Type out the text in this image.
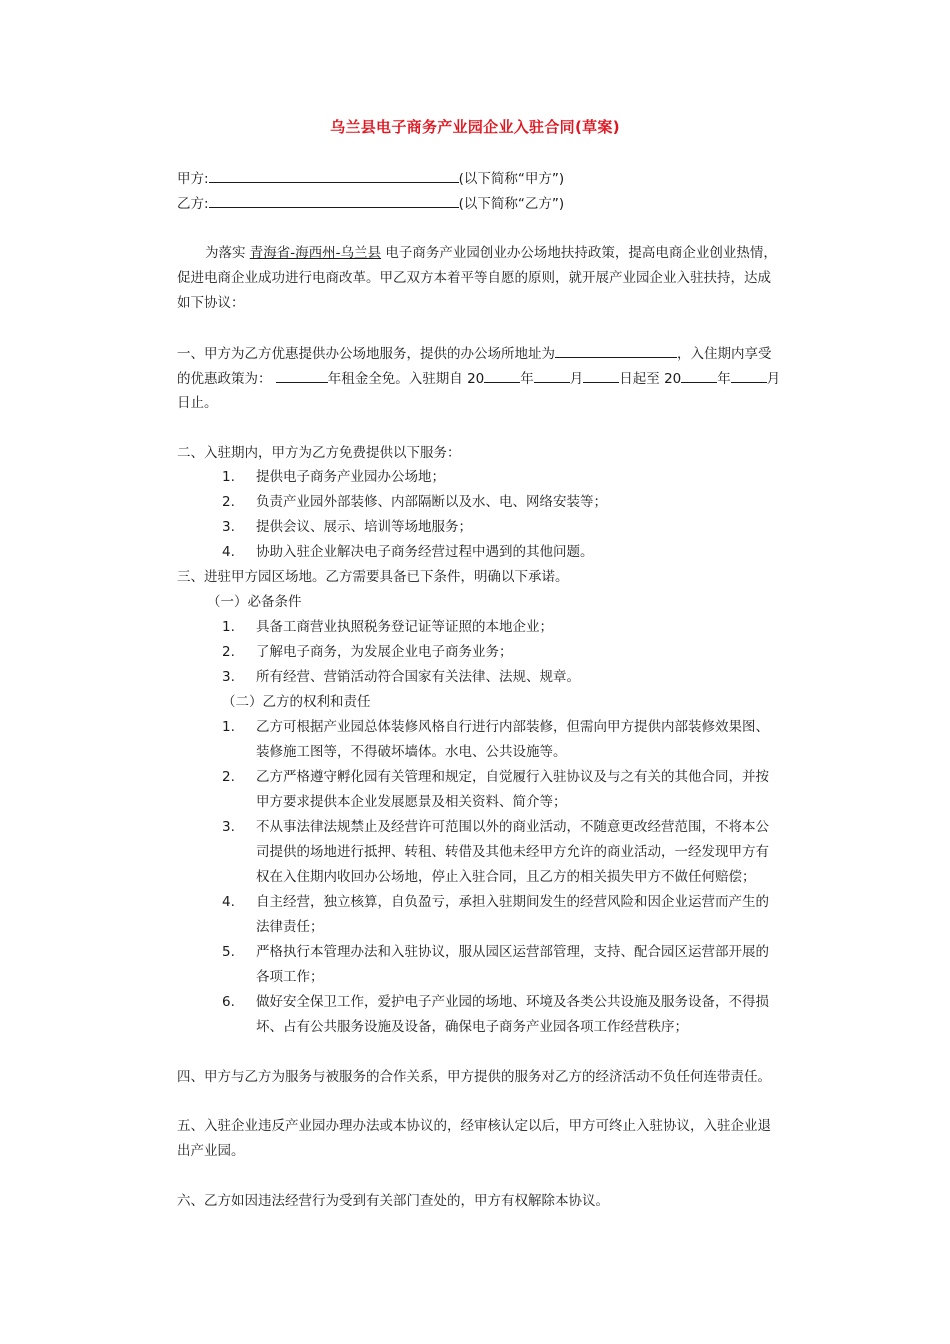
乌兰县电子商务产业园企业入驻合同(草案)
甲方:	(以下简称“甲方”)
乙方:	(以下简称“乙方”)
为落实 青海省-海西州-乌兰县 电子商务产业园创业办公场地扶持政策，提高电商企业创业热情，
促进电商企业成功进行电商改革。甲乙双方本着平等自愿的原则，就开展产业园企业入驻扶持，达成
如下协议：
一、甲方为乙方优惠提供办公场地服务，提供的办公场所地址为	，入住期内享受
的优惠政策为：	年租金全免。入驻期自 20	年	月	日起至 20	年	月
日止。
二、入驻期内，甲方为乙方免费提供以下服务：
1. 提供电子商务产业园办公场地；
2. 负责产业园外部装修、内部隔断以及水、电、网络安装等；
3. 提供会议、展示、培训等场地服务；
4. 协助入驻企业解决电子商务经营过程中遇到的其他问题。
三、进驻甲方园区场地。乙方需要具备已下条件，明确以下承诺。
（一）必备条件
1. 具备工商营业执照税务登记证等证照的本地企业；
2. 了解电子商务，为发展企业电子商务业务；
3. 所有经营、营销活动符合国家有关法律、法规、规章。
（二）乙方的权利和责任
1. 乙方可根据产业园总体装修风格自行进行内部装修，但需向甲方提供内部装修效果图、
装修施工图等，不得破坏墙体。水电、公共设施等。
2. 乙方严格遵守孵化园有关管理和规定，自觉履行入驻协议及与之有关的其他合同，并按
甲方要求提供本企业发展愿景及相关资料、简介等；
3. 不从事法律法规禁止及经营许可范围以外的商业活动，不随意更改经营范围，不将本公
司提供的场地进行抵押、转租、转借及其他未经甲方允许的商业活动，一经发现甲方有
权在入住期内收回办公场地，停止入驻合同，且乙方的相关损失甲方不做任何赔偿；
4. 自主经营，独立核算，自负盈亏，承担入驻期间发生的经营风险和因企业运营而产生的
法律责任；
5. 严格执行本管理办法和入驻协议，服从园区运营部管理，支持、配合园区运营部开展的
各项工作；
6. 做好安全保卫工作，爱护电子产业园的场地、环境及各类公共设施及服务设备，不得损
坏、占有公共服务设施及设备，确保电子商务产业园各项工作经营秩序；
四、甲方与乙方为服务与被服务的合作关系，甲方提供的服务对乙方的经济活动不负任何连带责任。
五、入驻企业违反产业园办理办法或本协议的，经审核认定以后，甲方可终止入驻协议，入驻企业退
出产业园。
六、乙方如因违法经营行为受到有关部门查处的，甲方有权解除本协议。
